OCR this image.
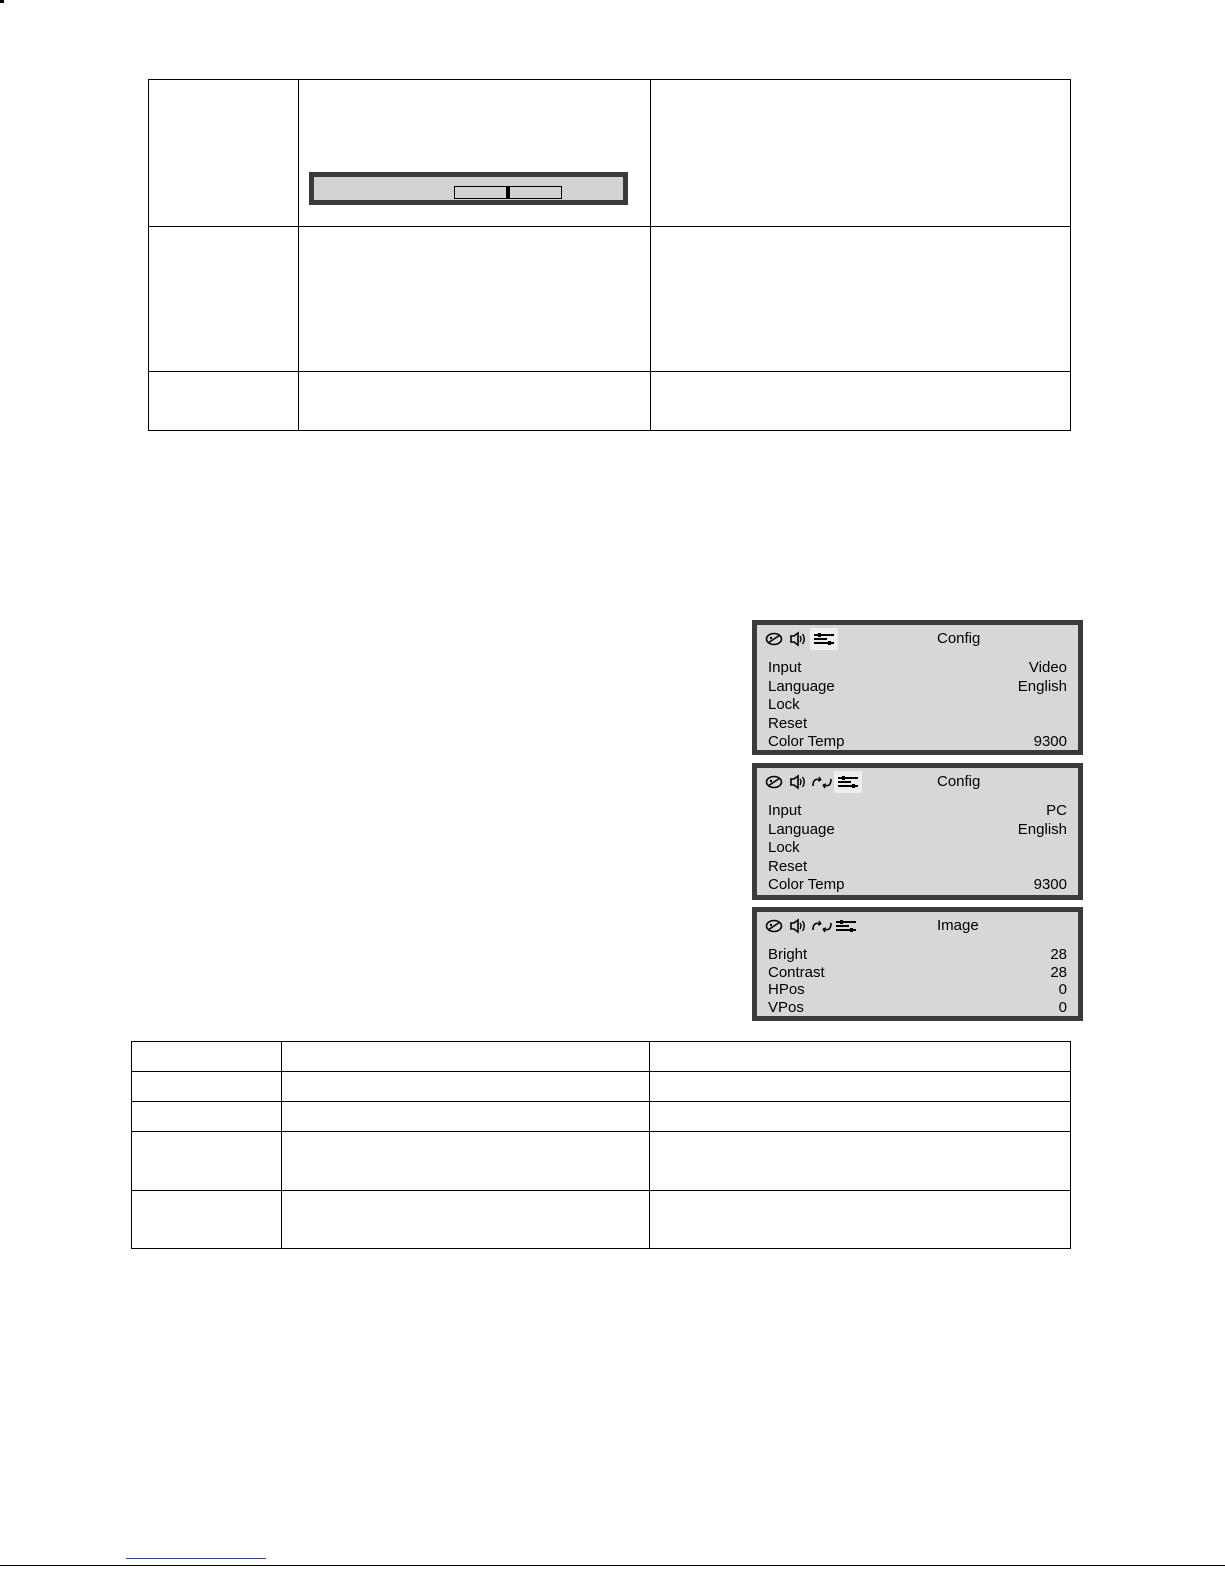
Config
Input	Video
Language	English
Lock
Reset
Color Temp	9300
Config
Input	PC
Language	English
Lock
Reset
Color Temp	9300
Image
Bright	28
Contrast	28
HPos	0
VPos	0
